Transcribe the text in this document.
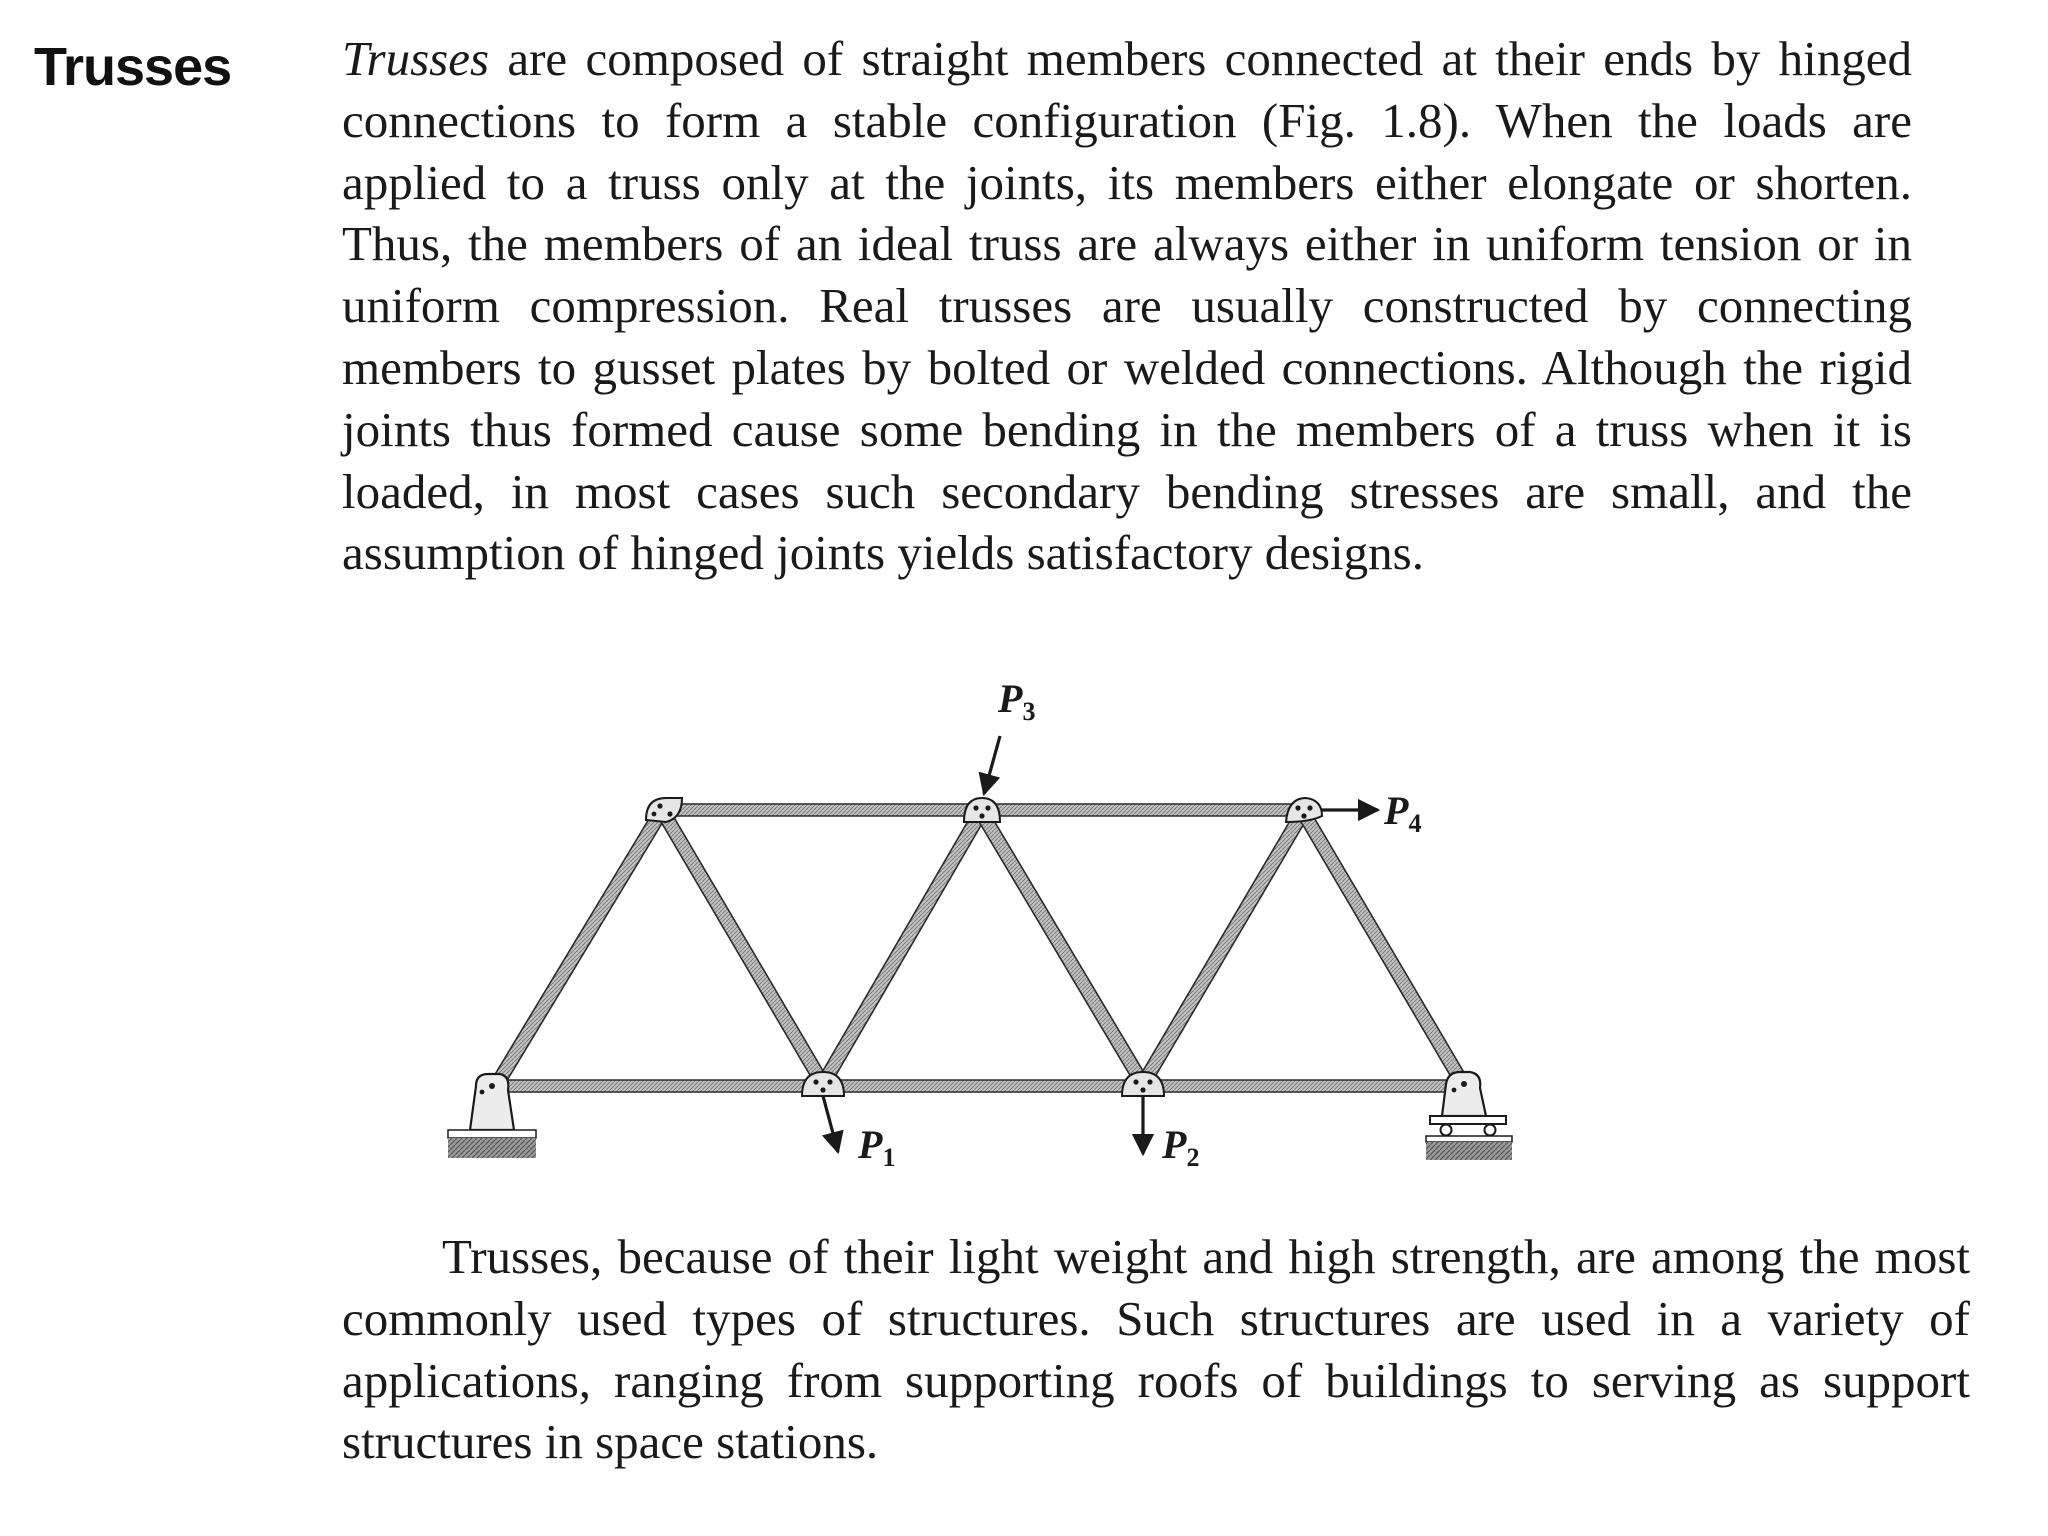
Trusses Trusses are composed of straight members connected at their ends by hinged connections to form a stable configuration (Fig. 1.8). When the loads are applied to a truss only at the joints, its members either elongate or shorten. Thus, the members of an ideal truss are always either in uniform tension or in uniform compression. Real trusses are usually constructed by connecting members to gusset plates by bolted or welded connections. Although the rigid joints thus formed cause some bending in the members of a truss when it is loaded, in most cases such secondary bending stresses are small, and the assumption of hinged joints yields satisfactory designs.
$P_1$	$P_2$
$P_3$
$P_4$
Trusses, because of their light weight and high strength, are among the most commonly used types of structures. Such structures are used in a variety of applications, ranging from supporting roofs of buildings to serving as support structures in space stations.
